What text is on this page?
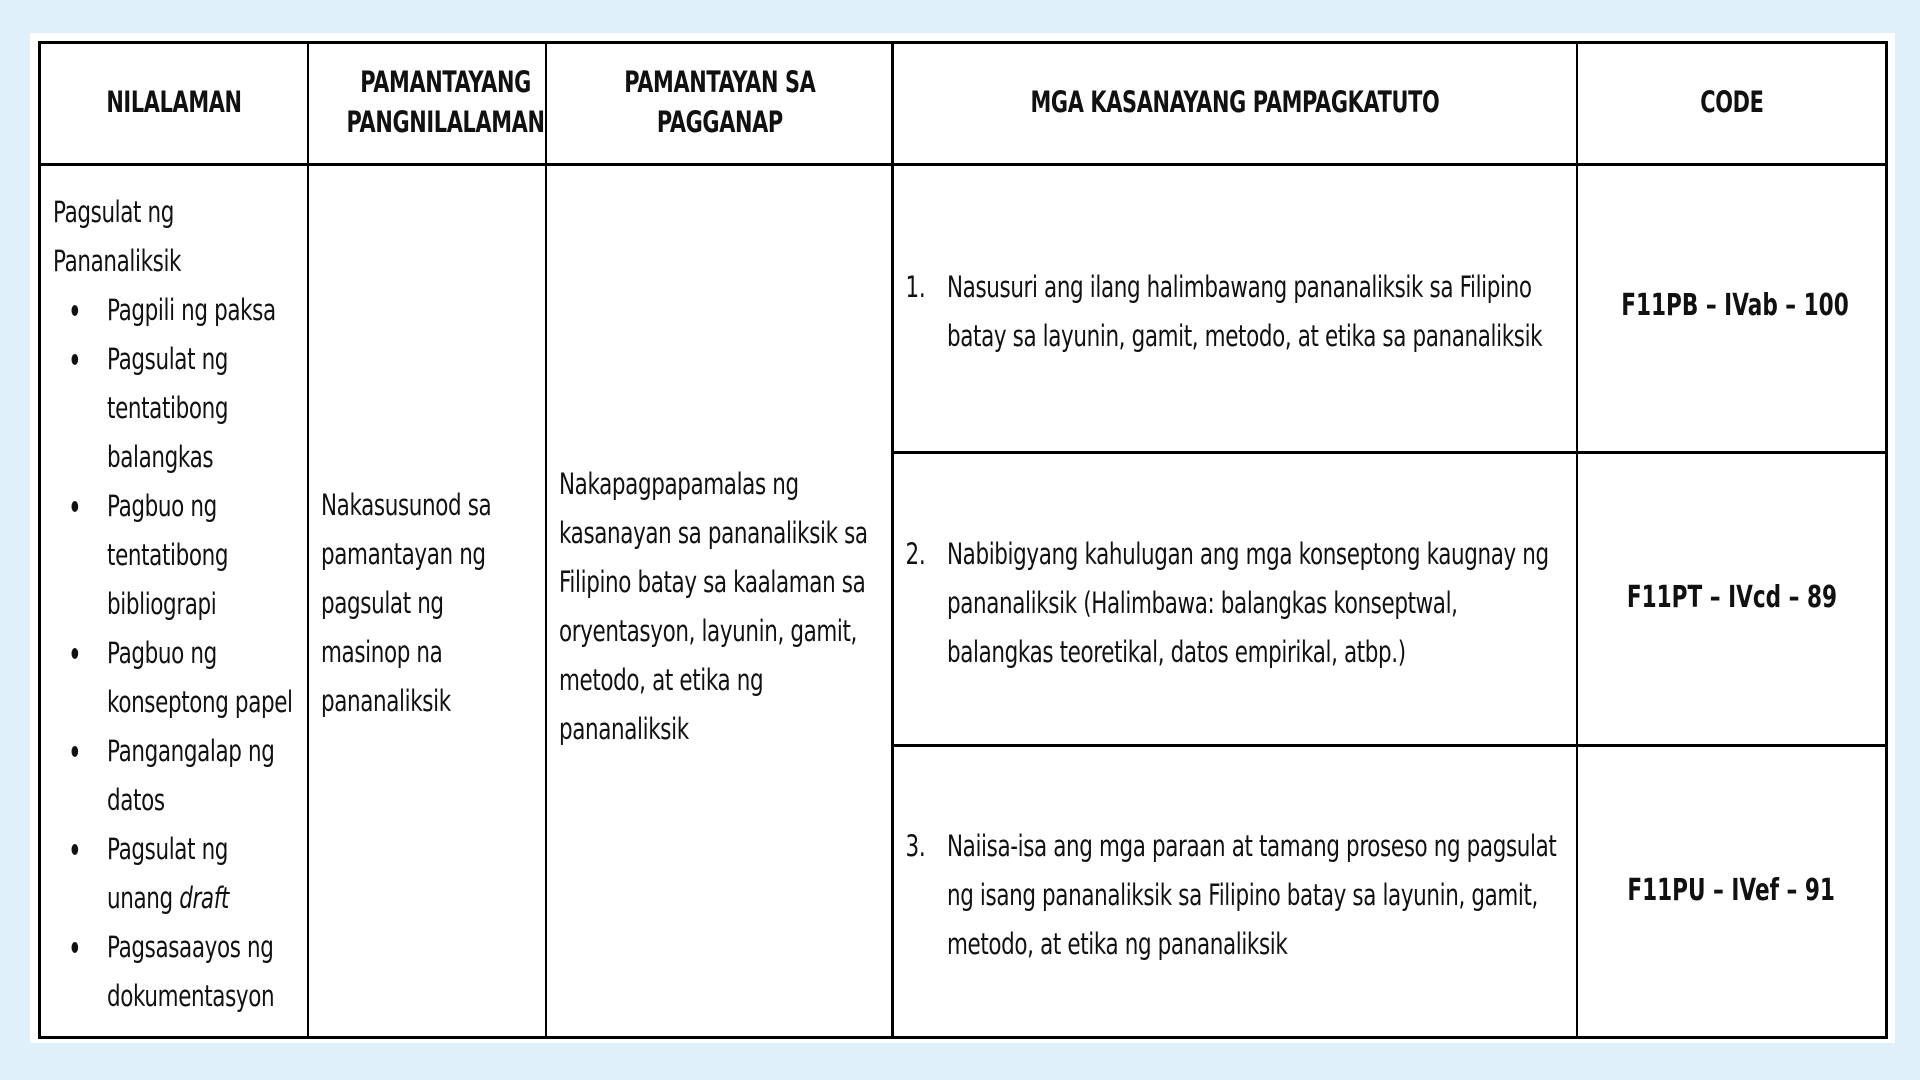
NILALAMAN
PAMANTAYANG
PANGNILALAMAN
PAMANTAYAN SA
PAGGANAP
MGA KASANAYANG PAMPAGKATUTO	CODE
Pagsulat ng
Pananaliksik
Pagpili ng paksa
Pagsulat ng
tentatibong
balangkas
Pagbuo ng
tentatibong
bibliograpi
Pagbuo ng
konseptong papel
Pangangalap ng
datos
Pagsulat ng
unang draft
Pagsasaayos ng
dokumentasyon
Nakasusunod sa
pamantayan ng
pagsulat ng
masinop na
pananaliksik
Nakapagpapamalas ng
kasanayan sa pananaliksik sa
Filipino batay sa kaalaman sa
oryentasyon, layunin, gamit,
metodo, at etika ng
pananaliksik
1. Nasusuri ang ilang halimbawang pananaliksik sa Filipino
batay sa layunin, gamit, metodo, at etika sa pananaliksik
2. Nabibigyang kahulugan ang mga konseptong kaugnay ng
pananaliksik (Halimbawa: balangkas konseptwal,
balangkas teoretikal, datos empirikal, atbp.)
3. Naiisa-isa ang mga paraan at tamang proseso ng pagsulat
ng isang pananaliksik sa Filipino batay sa layunin, gamit,
metodo, at etika ng pananaliksik
F11PB – IVab – 100
F11PT – IVcd – 89
F11PU – IVef – 91
